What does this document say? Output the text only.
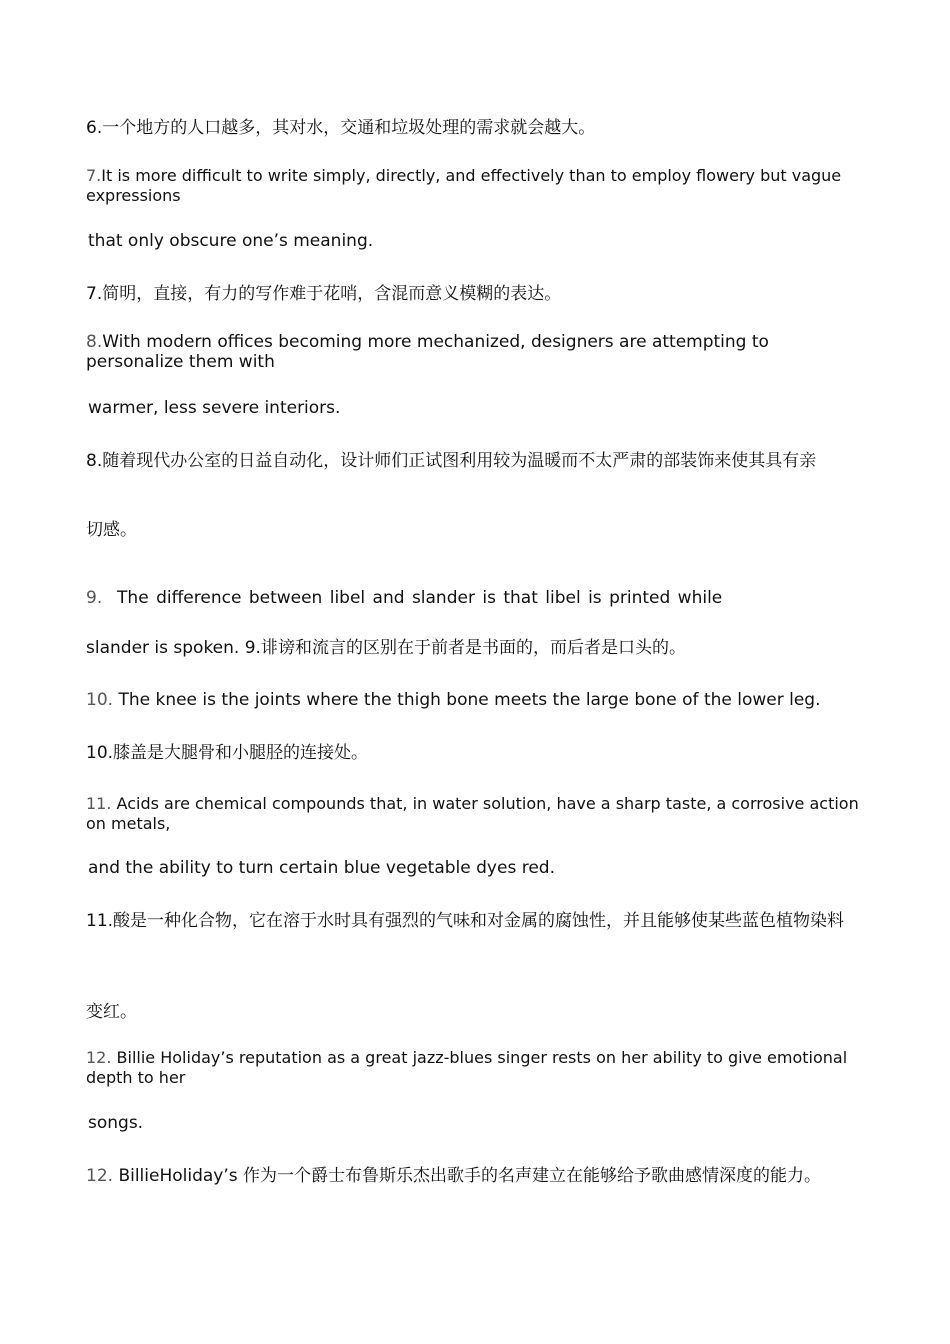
6.一个地方的人口越多，其对水，交通和垃圾处理的需求就会越大。
7.It is more difficult to write simply, directly, and effectively than to employ flowery but vague expressions
that only obscure one’s meaning.
7.简明，直接，有力的写作难于花哨，含混而意义模糊的表达。
8.With modern offices becoming more mechanized, designers are attempting to personalize them with
warmer, less severe interiors.
8.随着现代办公室的日益自动化，设计师们正试图利用较为温暖而不太严肃的部装饰来使其具有亲
切感。
9. The difference between libel and slander is that libel is printed while
slander is spoken. 9.诽谤和流言的区别在于前者是书面的，而后者是口头的。
10. The knee is the joints where the thigh bone meets the large bone of the lower leg.
10.膝盖是大腿骨和小腿胫的连接处。
11. Acids are chemical compounds that, in water solution, have a sharp taste, a corrosive action on metals,
and the ability to turn certain blue vegetable dyes red.
11.酸是一种化合物，它在溶于水时具有强烈的气味和对金属的腐蚀性，并且能够使某些蓝色植物染料
变红。
12. Billie Holiday’s reputation as a great jazz-blues singer rests on her ability to give emotional depth to her
songs.
12. BillieHoliday’s 作为一个爵士布鲁斯乐杰出歌手的名声建立在能够给予歌曲感情深度的能力。
